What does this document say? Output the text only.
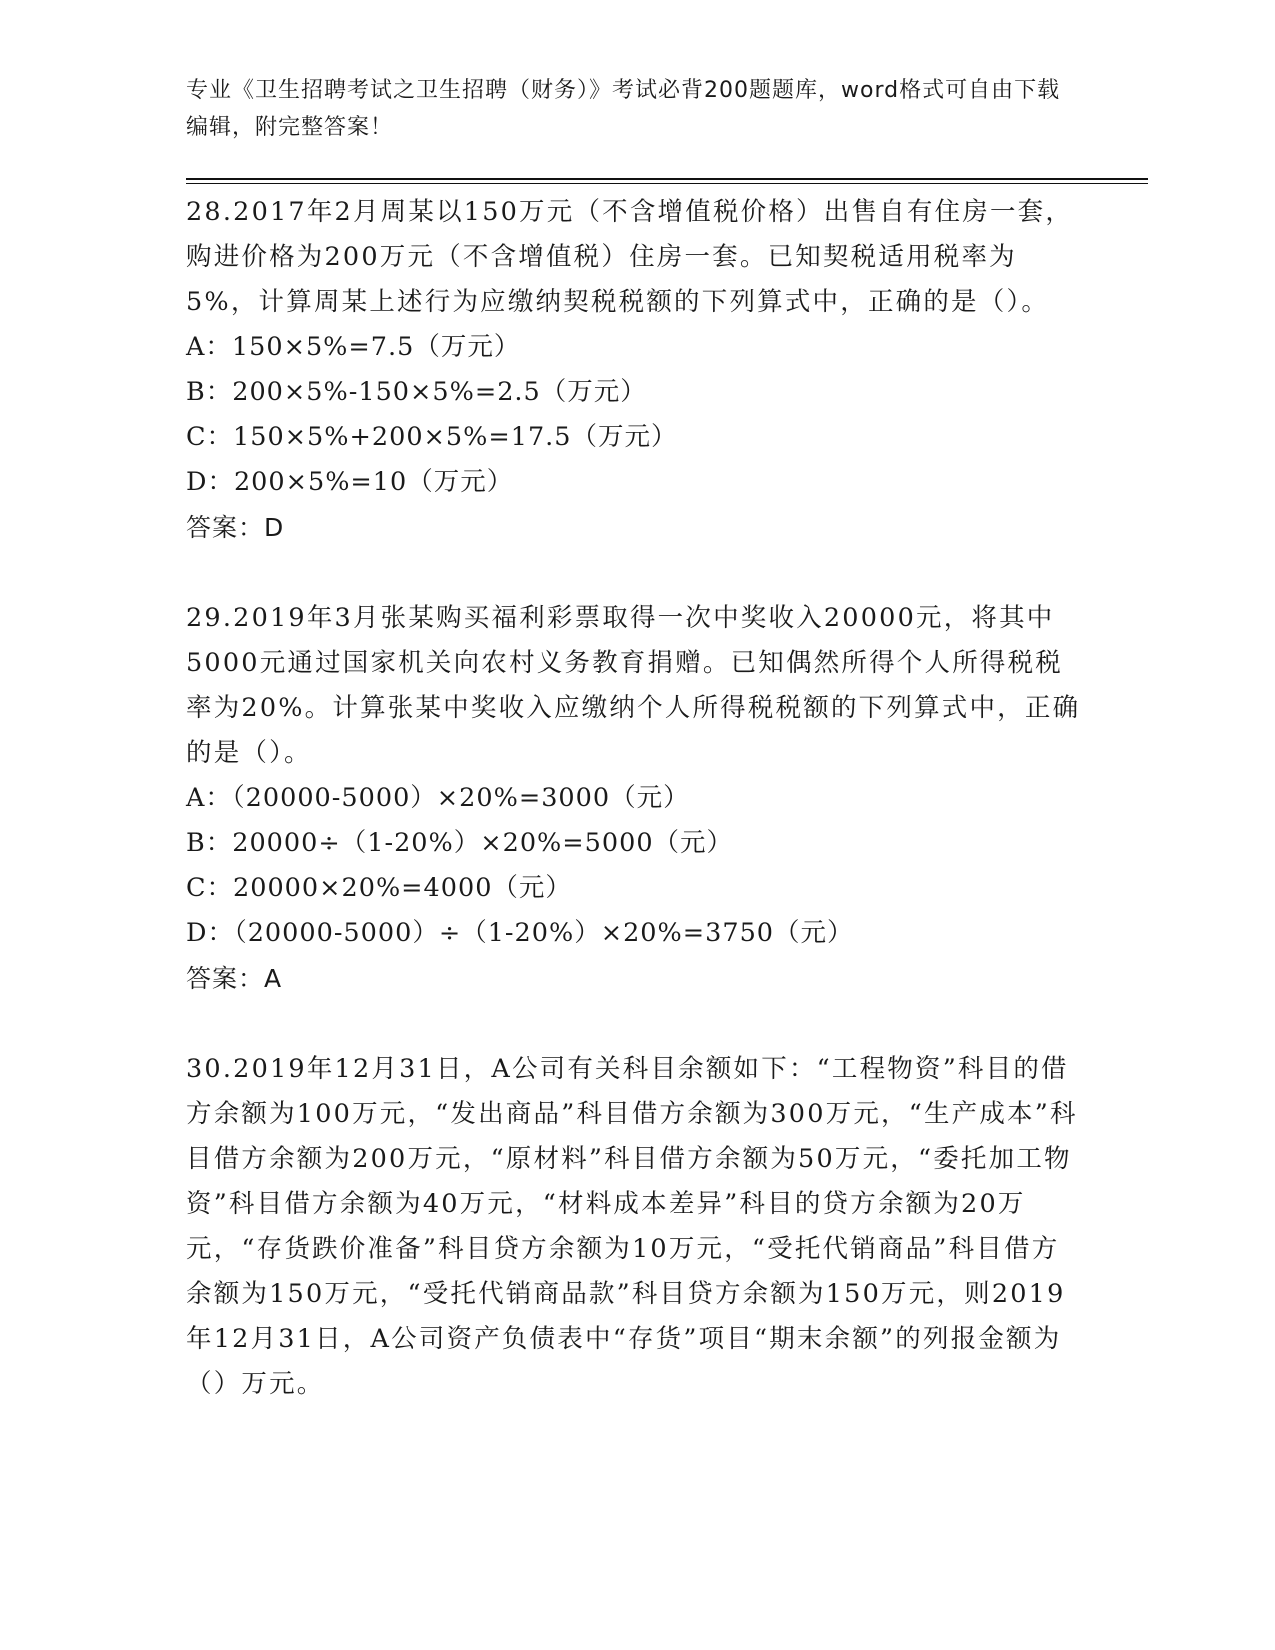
专业《卫生招聘考试之卫生招聘（财务）》考试必背200题题库，word格式可自由下载编辑，附完整答案！
28.2017年2月周某以150万元（不含增值税价格）出售自有住房一套，购进价格为200万元（不含增值税）住房一套。已知契税适用税率为5%，计算周某上述行为应缴纳契税税额的下列算式中，正确的是（）。
A：150×5%=7.5（万元）
B：200×5%-150×5%=2.5（万元）
C：150×5%+200×5%=17.5（万元）
D：200×5%=10（万元）
答案：D
29.2019年3月张某购买福利彩票取得一次中奖收入20000元，将其中5000元通过国家机关向农村义务教育捐赠。已知偶然所得个人所得税税率为20%。计算张某中奖收入应缴纳个人所得税税额的下列算式中，正确的是（）。
A：（20000-5000）×20%=3000（元）
B：20000÷（1-20%）×20%=5000（元）
C：20000×20%=4000（元）
D：（20000-5000）÷（1-20%）×20%=3750（元）
答案：A
30.2019年12月31日，A公司有关科目余额如下：“工程物资”科目的借方余额为100万元，“发出商品”科目借方余额为300万元，“生产成本”科目借方余额为200万元，“原材料”科目借方余额为50万元，“委托加工物资”科目借方余额为40万元，“材料成本差异”科目的贷方余额为20万元，“存货跌价准备”科目贷方余额为10万元，“受托代销商品”科目借方余额为150万元，“受托代销商品款”科目贷方余额为150万元，则2019年12月31日，A公司资产负债表中“存货”项目“期末余额”的列报金额为（）万元。
